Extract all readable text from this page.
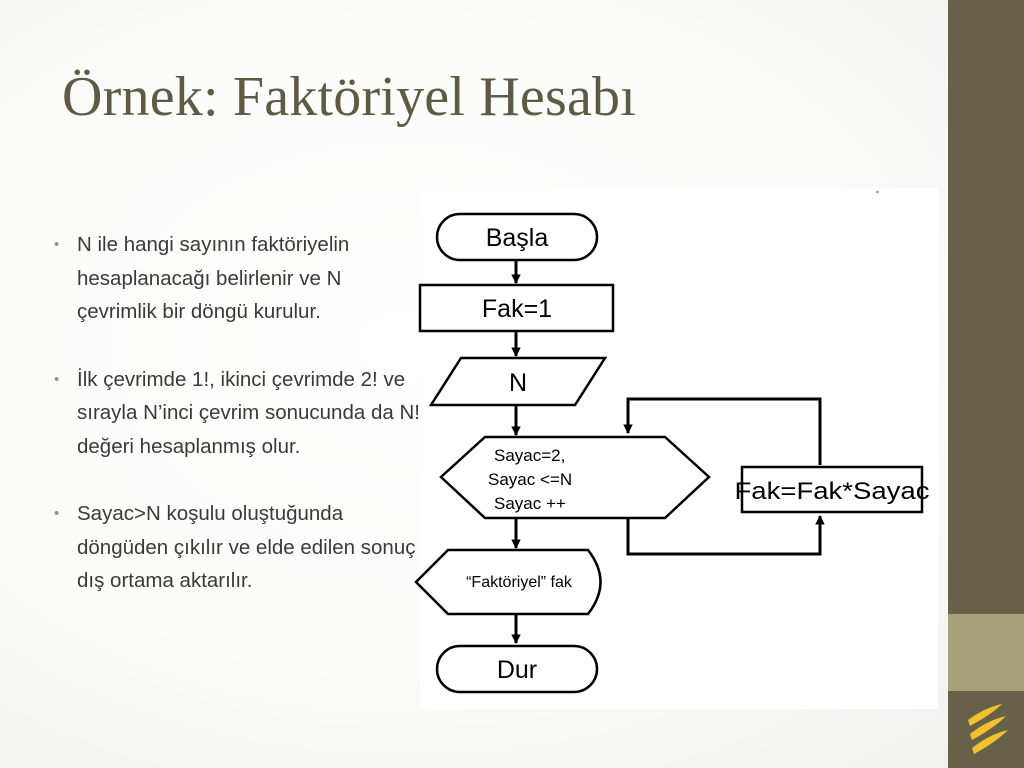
Örnek: Faktöriyel Hesabı
• N ile hangi sayının faktöriyelin hesaplanacağı belirlenir ve N çevrimlik bir döngü kurulur.
• İlk çevrimde 1!, ikinci çevrimde 2! ve sırayla N’inci çevrim sonucunda da N! değeri hesaplanmış olur.
• Sayac>N koşulu oluştuğunda döngüden çıkılır ve elde edilen sonuç dış ortama aktarılır.
Başla
Fak=1
N
Sayac=2,
Sayac <=N
Sayac ++	Fak=Fak*Sayac
“Faktöriyel” fak
Dur
